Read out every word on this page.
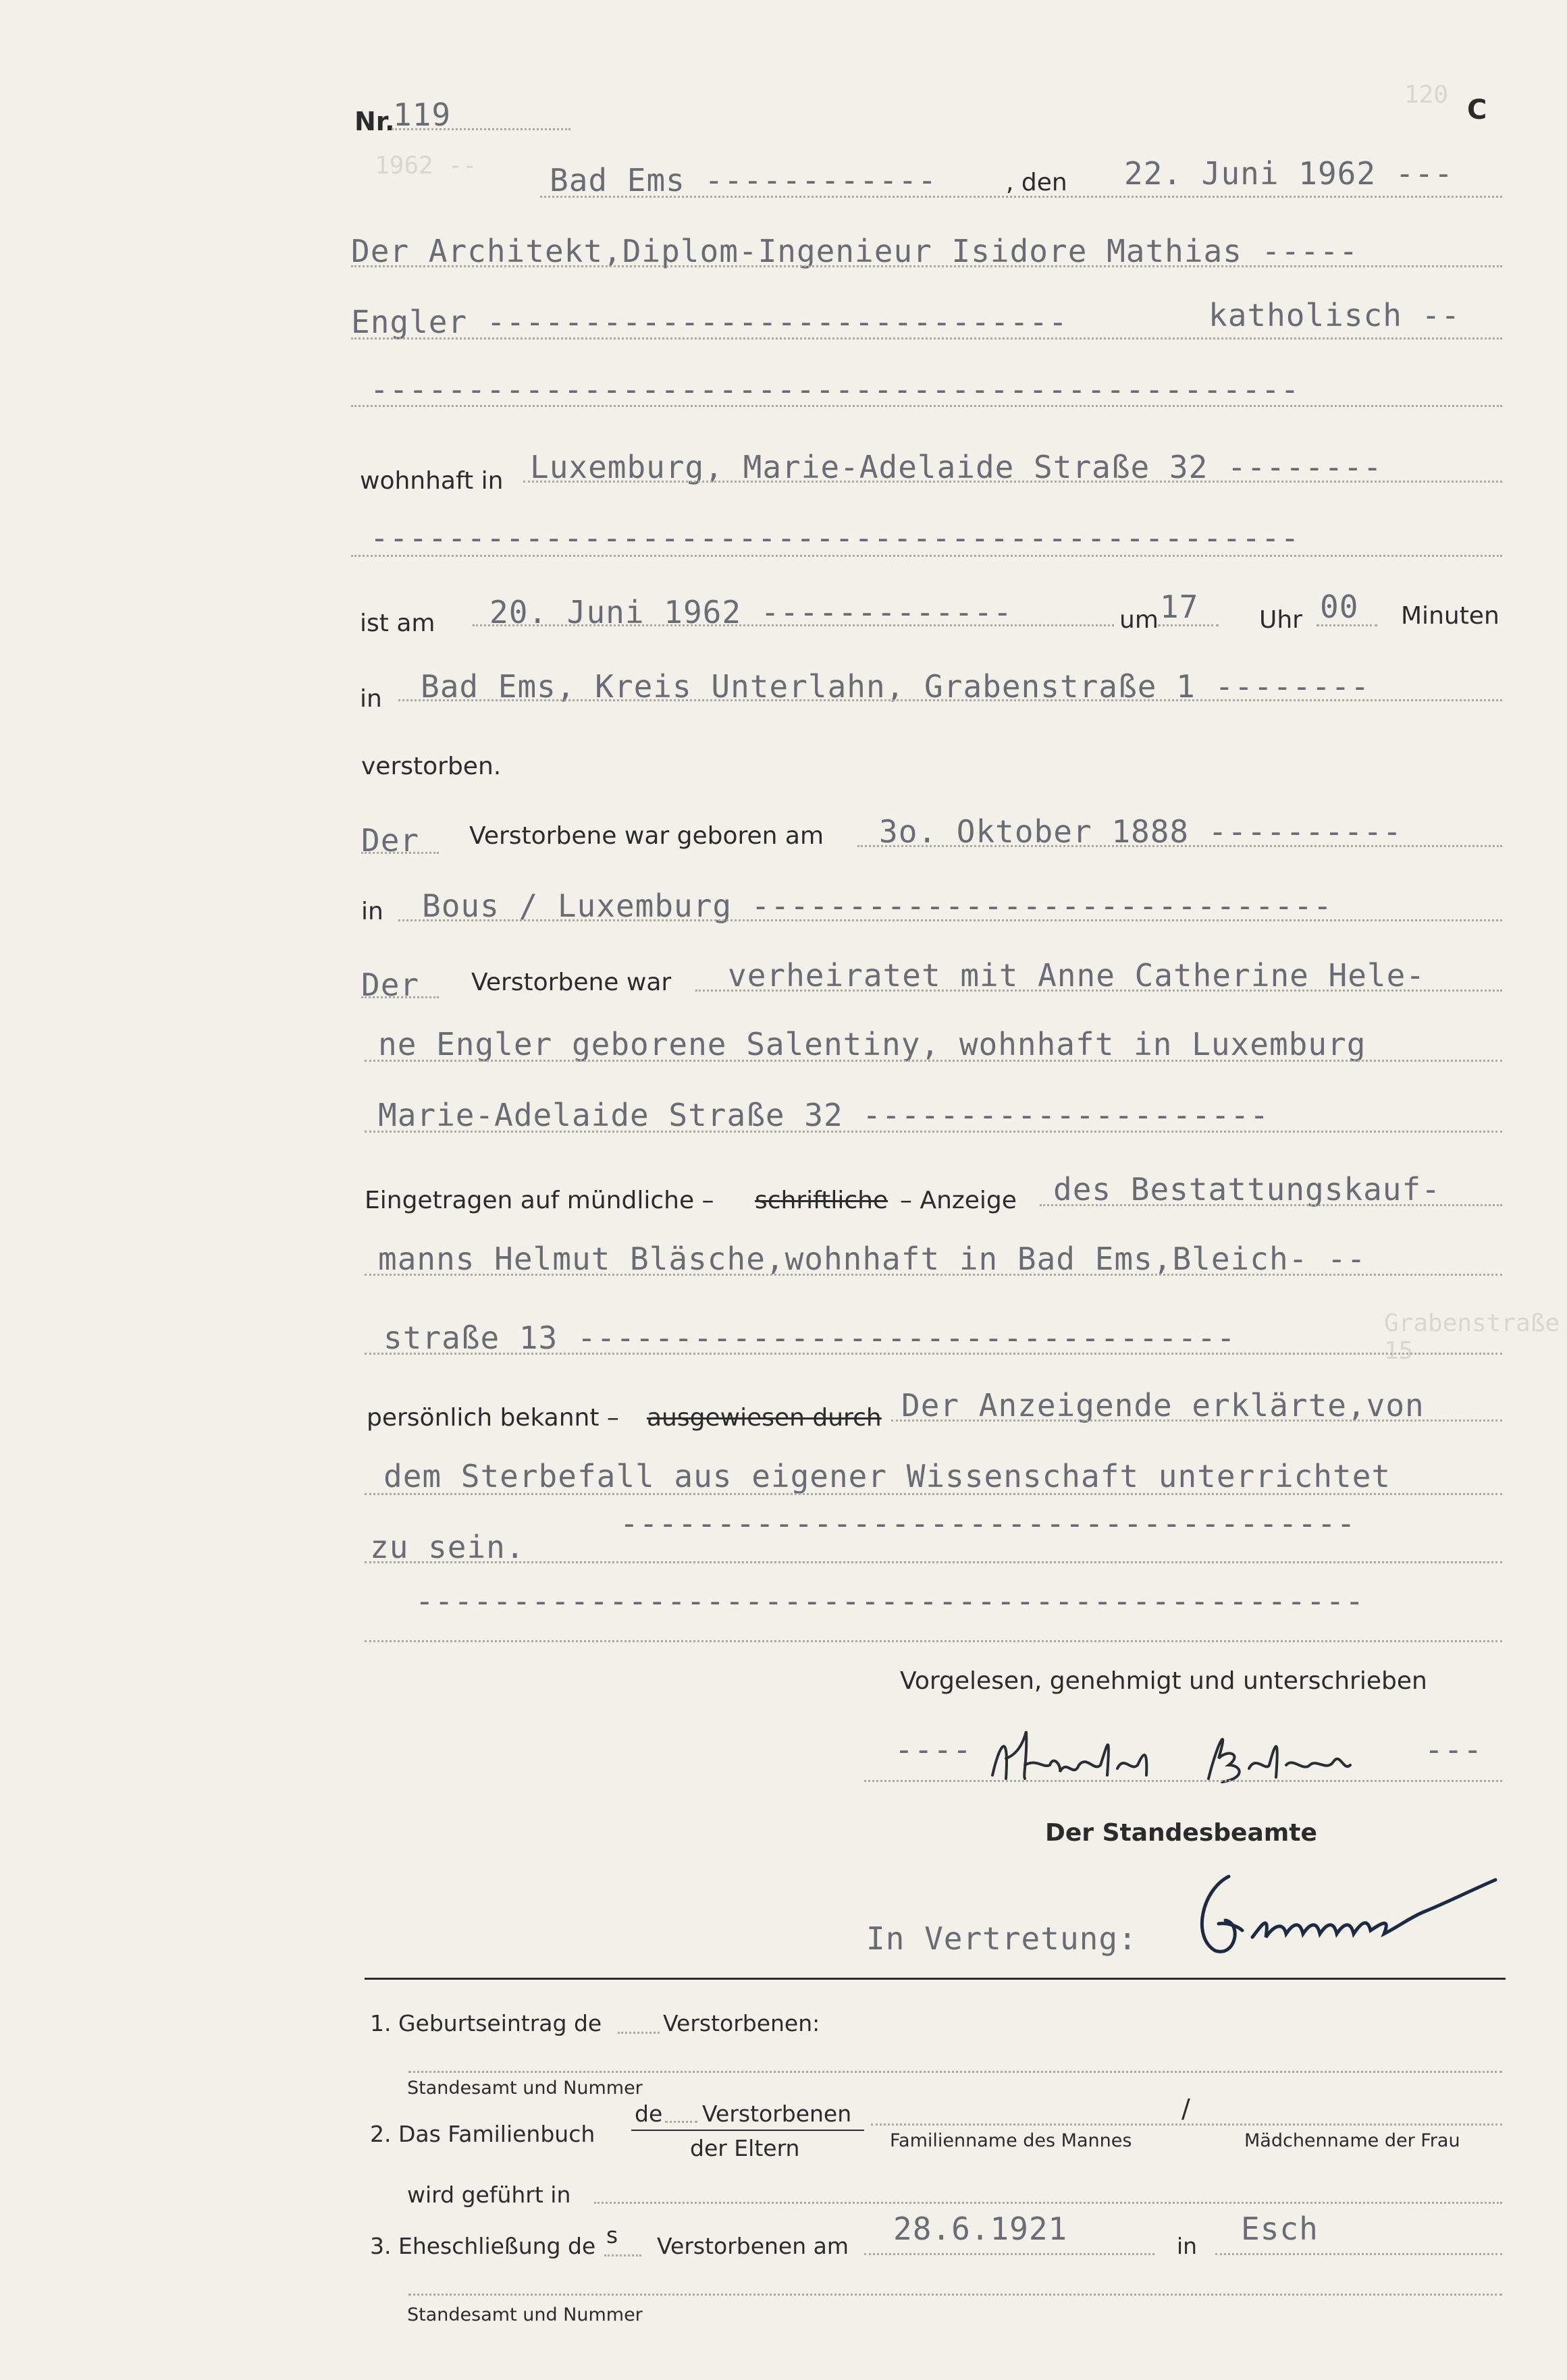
120
1962 --
Grabenstraße 15
Nr.
119	C
Bad Ems ------------	, den 22. Juni 1962 ---
Der Architekt,Diplom-Ingenieur Isidore Mathias -----
Engler ------------------------------	katholisch --
------------------------------------------------
wohnhaft in Luxemburg, Marie-Adelaide Straße 32 --------
------------------------------------------------
ist am 20. Juni 1962 -------------	um 17 Uhr 00 Minuten
in Bad Ems, Kreis Unterlahn, Grabenstraße 1 --------
verstorben.
Der Verstorbene war geboren am 3o. Oktober 1888 ----------
in Bous / Luxemburg ------------------------------
Der Verstorbene war verheiratet mit Anne Catherine Hele-
ne Engler geborene Salentiny, wohnhaft in Luxemburg
Marie-Adelaide Straße 32 ---------------------
Eingetragen auf mündliche – schriftliche – Anzeige des Bestattungskauf-
manns Helmut Bläsche,wohnhaft in Bad Ems,Bleich- --
straße 13 ----------------------------------
persönlich bekannt – ausgewiesen durch Der Anzeigende erklärte,von
dem Sterbefall aus eigener Wissenschaft unterrichtet
zu sein.
--------------------------------------
-------------------------------------------------
Vorgelesen, genehmigt und unterschrieben
----	---
Der Standesbeamte
In Vertretung:
1. Geburtseintrag de	Verstorbenen:
Standesamt und Nummer
2. Das Familienbuch
de Verstorbenen
der Eltern
/
Familienname des Mannes	Mädchenname der Frau
wird geführt in
3. Eheschließung de s Verstorbenen am 28.6.1921	in Esch
Standesamt und Nummer
